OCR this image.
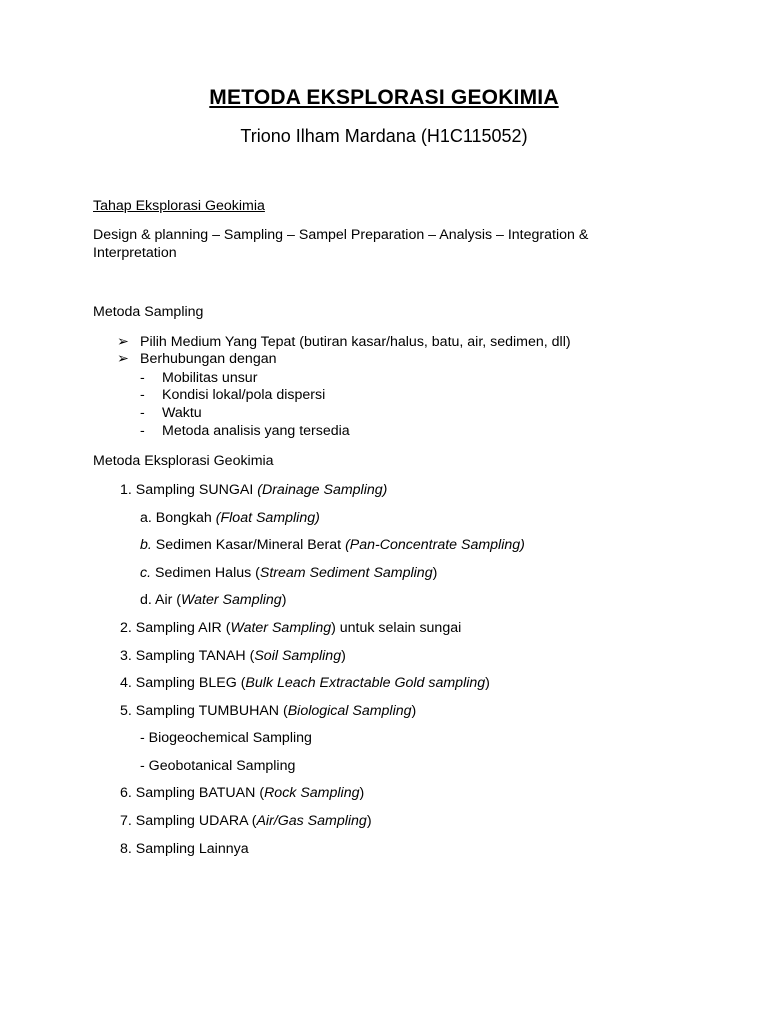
METODA EKSPLORASI GEOKIMIA
Triono Ilham Mardana (H1C115052)
Tahap Eksplorasi Geokimia
Design & planning – Sampling – Sampel Preparation – Analysis – Integration &
Interpretation
Metoda Sampling
➢ Pilih Medium Yang Tepat (butiran kasar/halus, batu, air, sedimen, dll)
➢ Berhubungan dengan
- Mobilitas unsur
- Kondisi lokal/pola dispersi
- Waktu
- Metoda analisis yang tersedia
Metoda Eksplorasi Geokimia
1. Sampling SUNGAI (Drainage Sampling)
a. Bongkah (Float Sampling)
b. Sedimen Kasar/Mineral Berat (Pan-Concentrate Sampling)
c. Sedimen Halus (Stream Sediment Sampling)
d. Air (Water Sampling)
2. Sampling AIR (Water Sampling) untuk selain sungai
3. Sampling TANAH (Soil Sampling)
4. Sampling BLEG (Bulk Leach Extractable Gold sampling)
5. Sampling TUMBUHAN (Biological Sampling)
- Biogeochemical Sampling
- Geobotanical Sampling
6. Sampling BATUAN (Rock Sampling)
7. Sampling UDARA (Air/Gas Sampling)
8. Sampling Lainnya
